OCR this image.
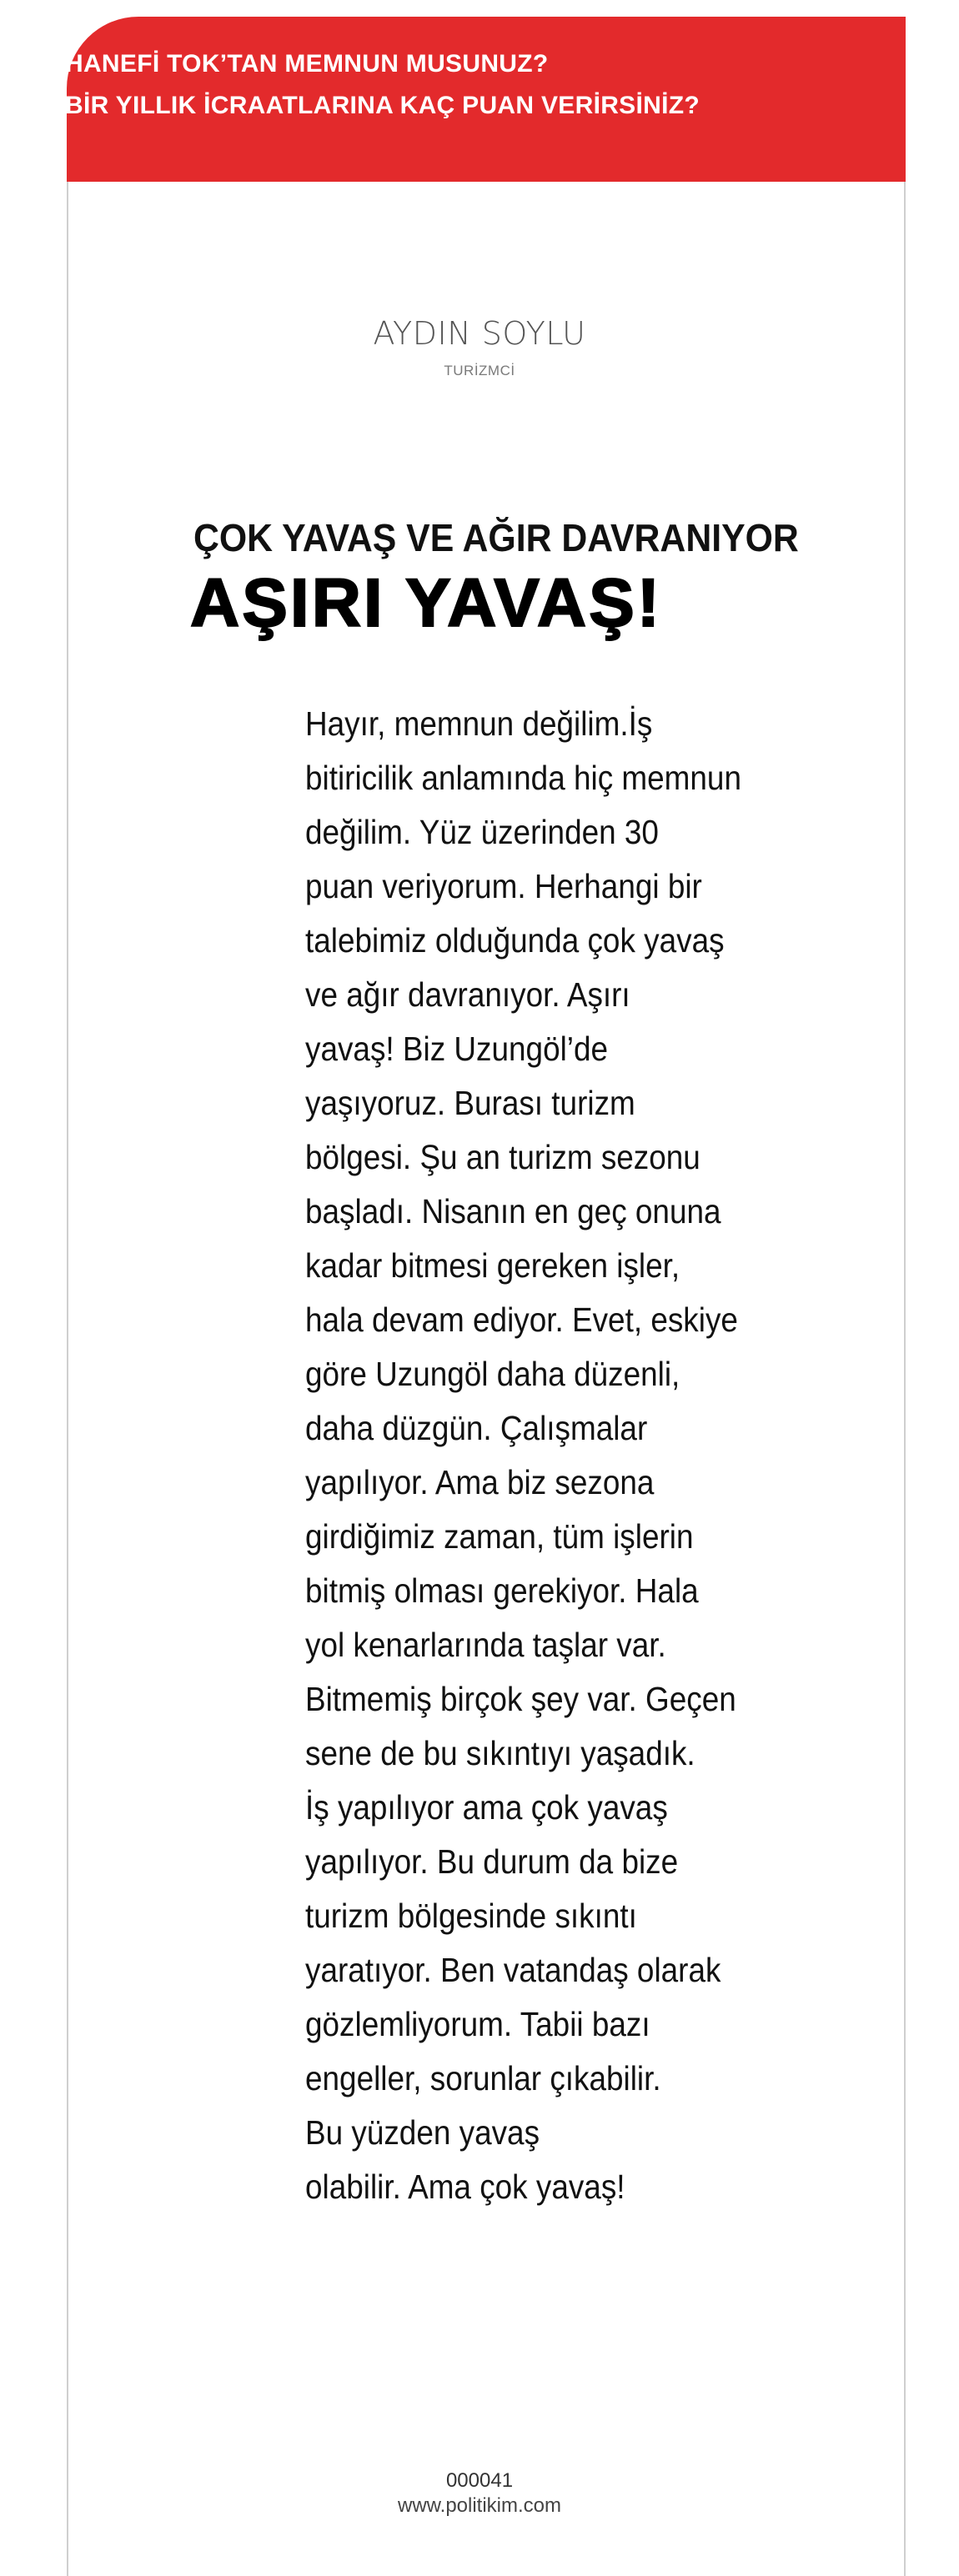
HANEFİ TOK’TAN MEMNUN MUSUNUZ?
BİR YILLIK İCRAATLARINA KAÇ PUAN VERİRSİNİZ?
AYDIN SOYLU
TURİZMCİ
ÇOK YAVAŞ VE AĞIR DAVRANIYOR
AŞIRI YAVAŞ!
Hayır, memnun değilim.İş
bitiricilik anlamında hiç memnun
değilim. Yüz üzerinden 30
puan veriyorum. Herhangi bir
talebimiz olduğunda çok yavaş
ve ağır davranıyor. Aşırı
yavaş! Biz Uzungöl’de
yaşıyoruz. Burası turizm
bölgesi. Şu an turizm sezonu
başladı. Nisanın en geç onuna
kadar bitmesi gereken işler,
hala devam ediyor. Evet, eskiye
göre Uzungöl daha düzenli,
daha düzgün. Çalışmalar
yapılıyor. Ama biz sezona
girdiğimiz zaman, tüm işlerin
bitmiş olması gerekiyor. Hala
yol kenarlarında taşlar var.
Bitmemiş birçok şey var. Geçen
sene de bu sıkıntıyı yaşadık.
İş yapılıyor ama çok yavaş
yapılıyor. Bu durum da bize
turizm bölgesinde sıkıntı
yaratıyor. Ben vatandaş olarak
gözlemliyorum. Tabii bazı
engeller, sorunlar çıkabilir.
Bu yüzden yavaş
olabilir. Ama çok yavaş!
000041
www.politikim.com
